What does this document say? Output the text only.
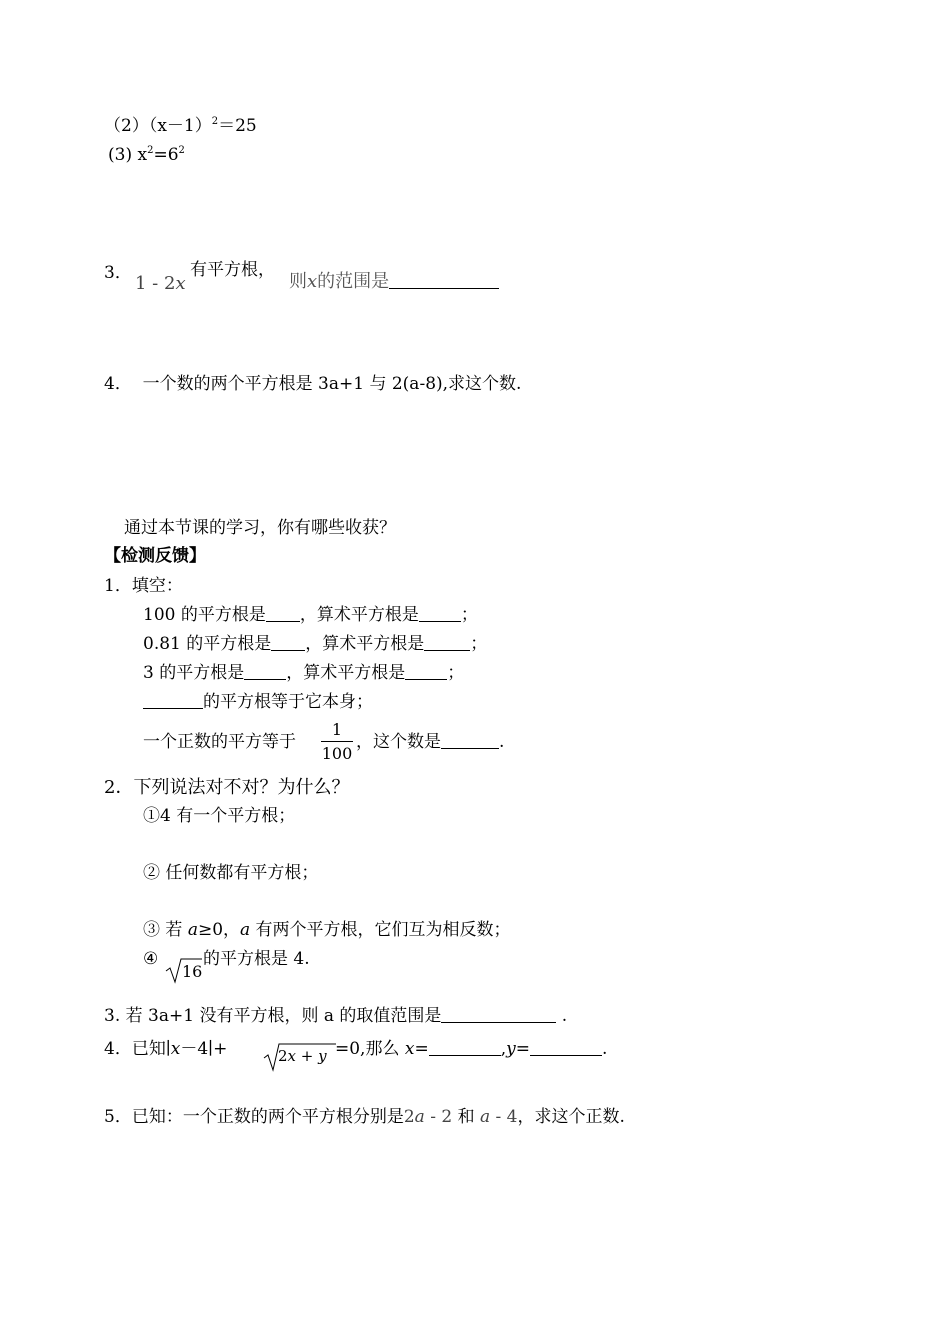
$(2)(x-1)^2=25$
(3) $x^2=6^2$
3． 1 - 2x
有平方根，
则x的范围是
4． 一个数的两个平方根是 3a+1 与 2(a-8),求这个数.
通过本节课的学习，你有哪些收获？
【检测反馈】
1．填空：
100 的平方根是 ，算术平方根是 ；
0.81 的平方根是 ，算术平方根是	；
3 的平方根是 ，算术平方根是 ；
的平方根等于它本身；
一个正数的平方等于
1
100
，这个数是	.
2．下列说法对不对？为什么？
①4 有一个平方根；
② 任何数都有平方根；
③ 若 a≥0，a 有两个平方根，它们互为相反数；
④
16
的平方根是 4.
3. 若 3a+1 没有平方根，则 a 的取值范围是	.
4．已知∣x－4∣+	2x + y =0,那么 x=	,y=	.
5．已知：一个正数的两个平方根分别是2a - 2 和 a - 4，求这个正数.
